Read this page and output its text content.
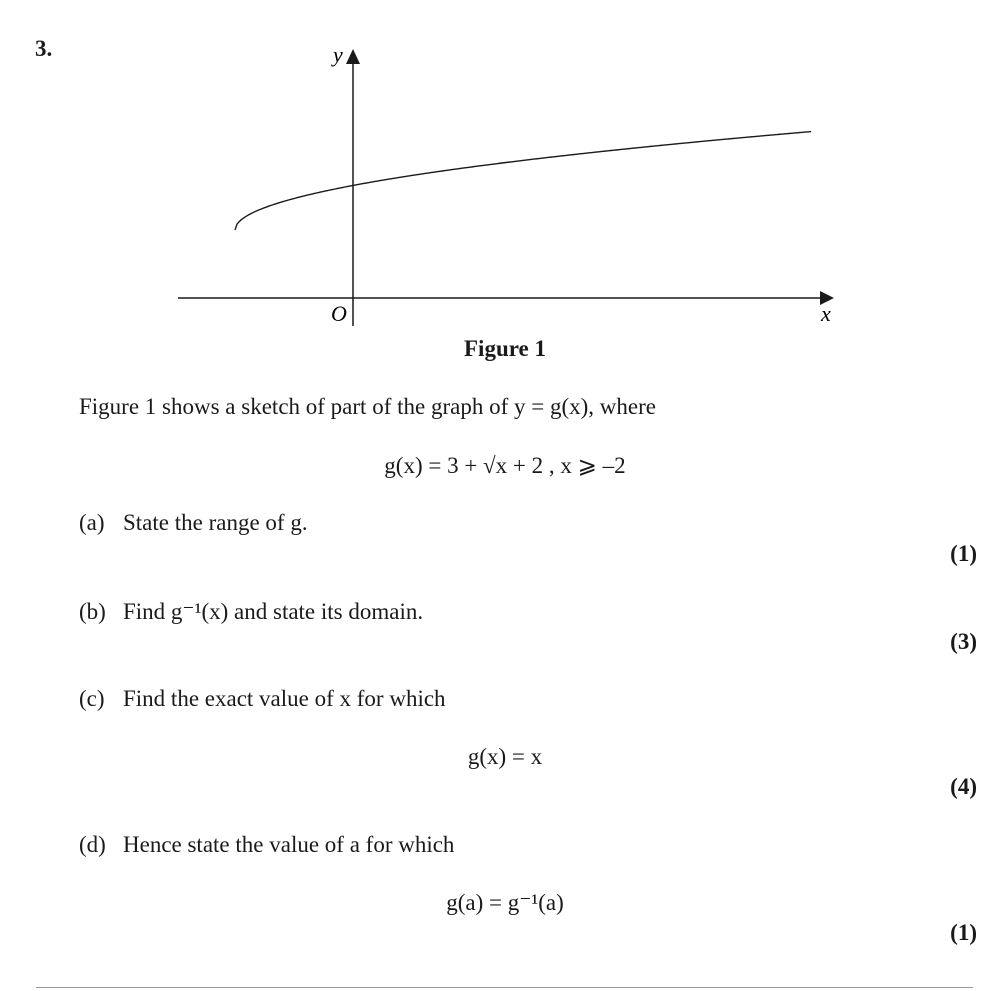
3.	y
x
O
Figure 1
Figure 1 shows a sketch of part of the graph of y = g(x), where
g(x) = 3 + √x + 2 , x ⩾ –2
(a) State the range of g.
(1)
(b) Find g⁻¹(x) and state its domain.
(3)
(c) Find the exact value of x for which
g(x) = x
(4)
(d) Hence state the value of a for which
g(a) = g⁻¹(a)
(1)
